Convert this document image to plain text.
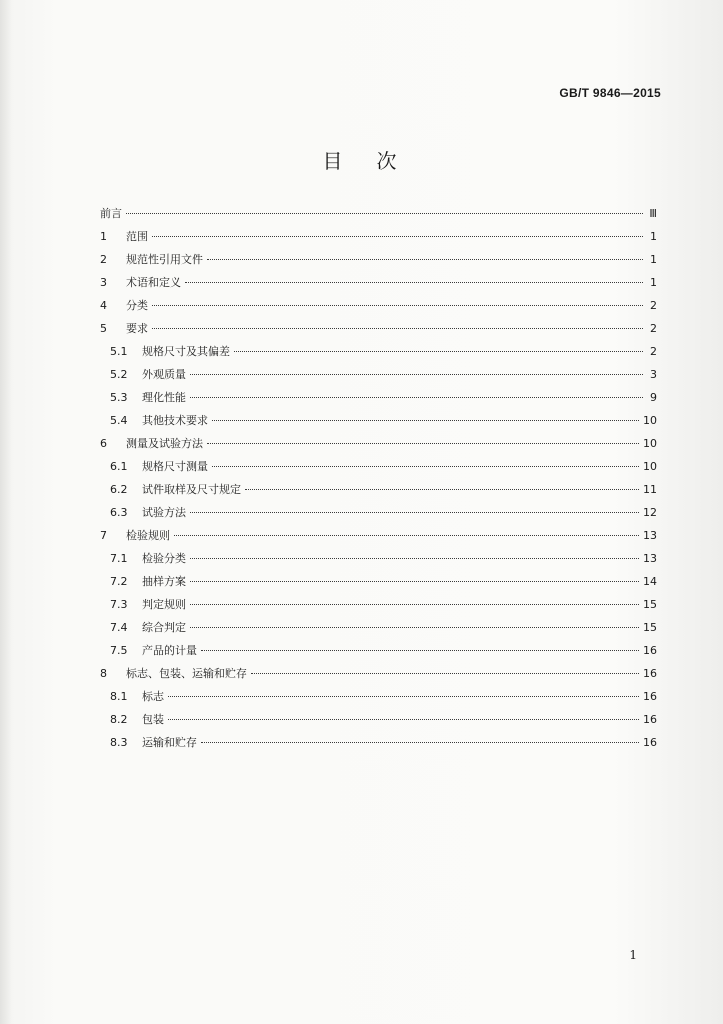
GB/T 9846—2015
目次
前言	Ⅲ
1	范围	1
2	规范性引用文件	1
3	术语和定义	1
4	分类	2
5	要求	2
5.1	规格尺寸及其偏差	2
5.2	外观质量	3
5.3	理化性能	9
5.4	其他技术要求	10
6	测量及试验方法	10
6.1	规格尺寸测量	10
6.2	试件取样及尺寸规定	11
6.3	试验方法	12
7	检验规则	13
7.1	检验分类	13
7.2	抽样方案	14
7.3	判定规则	15
7.4	综合判定	15
7.5	产品的计量	16
8	标志、包装、运输和贮存	16
8.1	标志	16
8.2	包装	16
8.3	运输和贮存	16
1
